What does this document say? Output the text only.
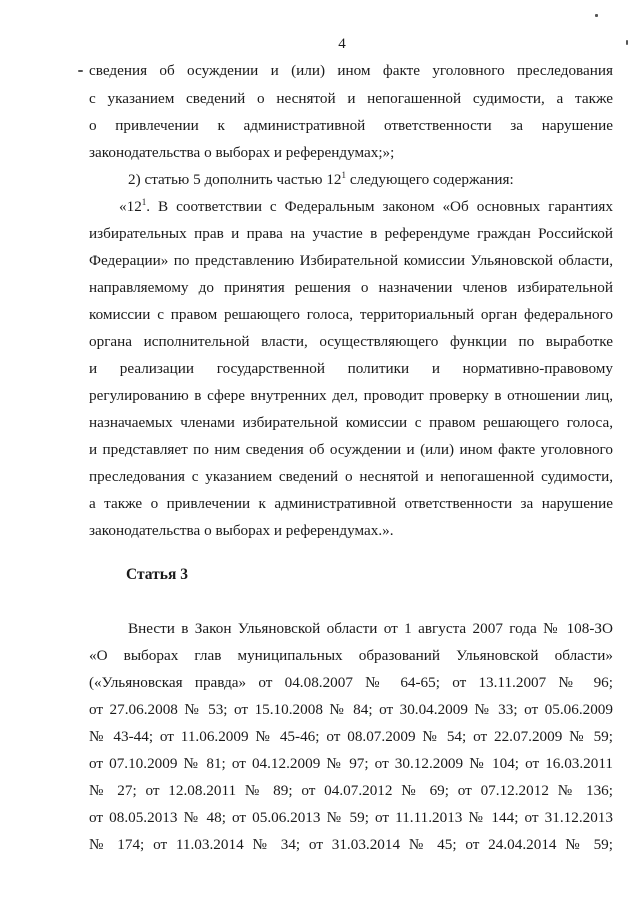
4
сведения об осуждении и (или) ином факте уголовного преследования
с указанием сведений о неснятой и непогашенной судимости, а также
о привлечении к административной ответственности за нарушение
законодательства о выборах и референдумах;»;
2) статью 5 дополнить частью $12^1$ следующего содержания:
«$12^1$. В соответствии с Федеральным законом «Об основных гарантиях
избирательных прав и права на участие в референдуме граждан Российской
Федерации» по представлению Избирательной комиссии Ульяновской области,
направляемому до принятия решения о назначении членов избирательной
комиссии с правом решающего голоса, территориальный орган федерального
органа исполнительной власти, осуществляющего функции по выработке
и реализации государственной политики и нормативно-правовому
регулированию в сфере внутренних дел, проводит проверку в отношении лиц,
назначаемых членами избирательной комиссии с правом решающего голоса,
и представляет по ним сведения об осуждении и (или) ином факте уголовного
преследования с указанием сведений о неснятой и непогашенной судимости,
а также о привлечении к административной ответственности за нарушение
законодательства о выборах и референдумах.».
Статья 3
Внести в Закон Ульяновской области от 1 августа 2007 года № 108-ЗО
«О выборах глав муниципальных образований Ульяновской области»
(«Ульяновская правда» от 04.08.2007 № 64-65; от 13.11.2007 № 96;
от 27.06.2008 № 53; от 15.10.2008 № 84; от 30.04.2009 № 33; от 05.06.2009
№ 43-44; от 11.06.2009 № 45-46; от 08.07.2009 № 54; от 22.07.2009 № 59;
от 07.10.2009 № 81; от 04.12.2009 № 97; от 30.12.2009 № 104; от 16.03.2011
№ 27; от 12.08.2011 № 89; от 04.07.2012 № 69; от 07.12.2012 № 136;
от 08.05.2013 № 48; от 05.06.2013 № 59; от 11.11.2013 № 144; от 31.12.2013
№ 174; от 11.03.2014 № 34; от 31.03.2014 № 45; от 24.04.2014 № 59;
